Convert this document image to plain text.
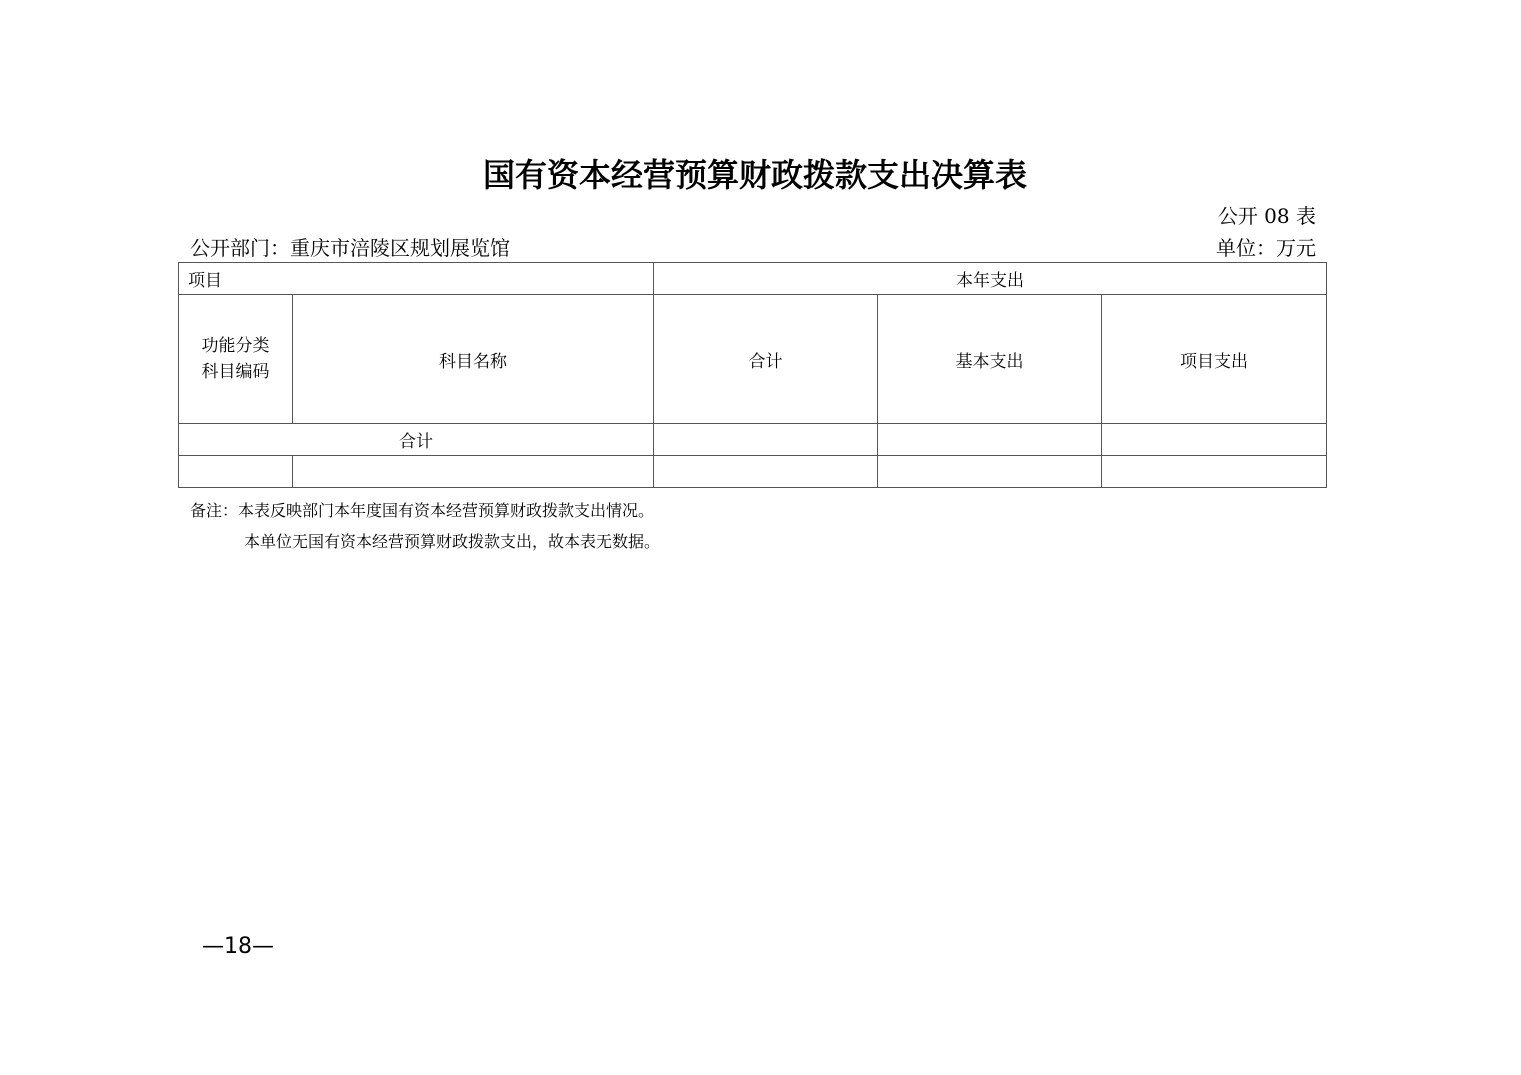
国有资本经营预算财政拨款支出决算表
公开 08 表
公开部门：重庆市涪陵区规划展览馆	单位：万元
项目		本年支出		

功能分类
科目编码	科目名称	合计	基本支出	项目支出
合计				

备注：本表反映部门本年度国有资本经营预算财政拨款支出情况。
本单位无国有资本经营预算财政拨款支出，故本表无数据。
—18—
